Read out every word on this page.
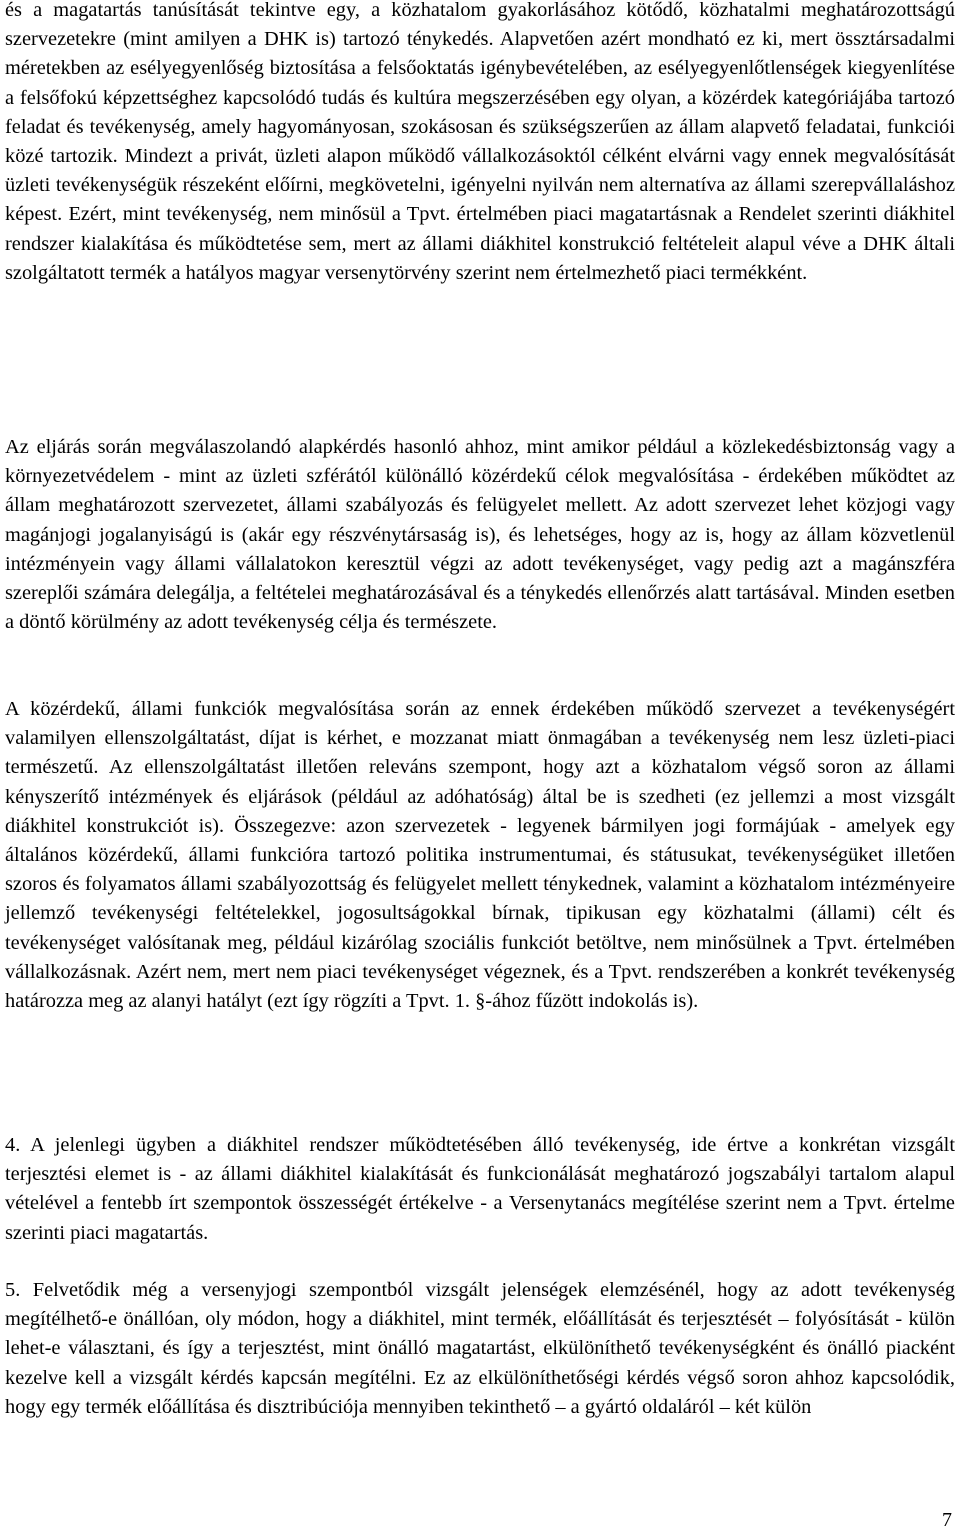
és a magatartás tanúsítását tekintve egy, a közhatalom gyakorlásához kötődő, közhatalmi meghatározottságú szervezetekre (mint amilyen a DHK is) tartozó ténykedés. Alapvetően azért mondható ez ki, mert össztársadalmi méretekben az esélyegyenlőség biztosítása a felsőoktatás igénybevételében, az esélyegyenlőtlenségek kiegyenlítése a felsőfokú képzettséghez kapcsolódó tudás és kultúra megszerzésében egy olyan, a közérdek kategóriájába tartozó feladat és tevékenység, amely hagyományosan, szokásosan és szükségszerűen az állam alapvető feladatai, funkciói közé tartozik. Mindezt a privát, üzleti alapon működő vállalkozásoktól célként elvárni vagy ennek megvalósítását üzleti tevékenységük részeként előírni, megkövetelni, igényelni nyilván nem alternatíva az állami szerepvállaláshoz képest. Ezért, mint tevékenység, nem minősül a Tpvt. értelmében piaci magatartásnak a Rendelet szerinti diákhitel rendszer kialakítása és működtetése sem, mert az állami diákhitel konstrukció feltételeit alapul véve a DHK általi szolgáltatott termék a hatályos magyar versenytörvény szerint nem értelmezhető piaci termékként.

Az eljárás során megválaszolandó alapkérdés hasonló ahhoz, mint amikor például a közlekedésbiztonság vagy a környezetvédelem - mint az üzleti szférától különálló közérdekű célok megvalósítása - érdekében működtet az állam meghatározott szervezetet, állami szabályozás és felügyelet mellett. Az adott szervezet lehet közjogi vagy magánjogi jogalanyiságú is (akár egy részvénytársaság is), és lehetséges, hogy az is, hogy az állam közvetlenül intézményein vagy állami vállalatokon keresztül végzi az adott tevékenységet, vagy pedig azt a magánszféra szereplői számára delegálja, a feltételei meghatározásával és a ténykedés ellenőrzés alatt tartásával. Minden esetben a döntő körülmény az adott tevékenység célja és természete.

A közérdekű, állami funkciók megvalósítása során az ennek érdekében működő szervezet a tevékenységért valamilyen ellenszolgáltatást, díjat is kérhet, e mozzanat miatt önmagában a tevékenység nem lesz üzleti-piaci természetű. Az ellenszolgáltatást illetően releváns szempont, hogy azt a közhatalom végső soron az állami kényszerítő intézmények és eljárások (például az adóhatóság) által be is szedheti (ez jellemzi a most vizsgált diákhitel konstrukciót is). Összegezve: azon szervezetek - legyenek bármilyen jogi formájúak - amelyek egy általános közérdekű, állami funkcióra tartozó politika instrumentumai, és státusukat, tevékenységüket illetően szoros és folyamatos állami szabályozottság és felügyelet mellett ténykednek, valamint a közhatalom intézményeire jellemző tevékenységi feltételekkel, jogosultságokkal bírnak, tipikusan egy közhatalmi (állami) célt és tevékenységet valósítanak meg, például kizárólag szociális funkciót betöltve, nem minősülnek a Tpvt. értelmében vállalkozásnak. Azért nem, mert nem piaci tevékenységet végeznek, és a Tpvt. rendszerében a konkrét tevékenység határozza meg az alanyi hatályt (ezt így rögzíti a Tpvt. 1. §-ához fűzött indokolás is).

4. A jelenlegi ügyben a diákhitel rendszer működtetésében álló tevékenység, ide értve a konkrétan vizsgált terjesztési elemet is - az állami diákhitel kialakítását és funkcionálását meghatározó jogszabályi tartalom alapul vételével a fentebb írt szempontok összességét értékelve - a Versenytanács megítélése szerint nem a Tpvt. értelme szerinti piaci magatartás.

5. Felvetődik még a versenyjogi szempontból vizsgált jelenségek elemzésénél, hogy az adott tevékenység megítélhető-e önállóan, oly módon, hogy a diákhitel, mint termék, előállítását és terjesztését – folyósítását - külön lehet-e választani, és így a terjesztést, mint önálló magatartást, elkülöníthető tevékenységként és önálló piacként kezelve kell a vizsgált kérdés kapcsán megítélni. Ez az elkülöníthetőségi kérdés végső soron ahhoz kapcsolódik, hogy egy termék előállítása és disztribúciója mennyiben tekinthető – a gyártó oldaláról – két külön

7
